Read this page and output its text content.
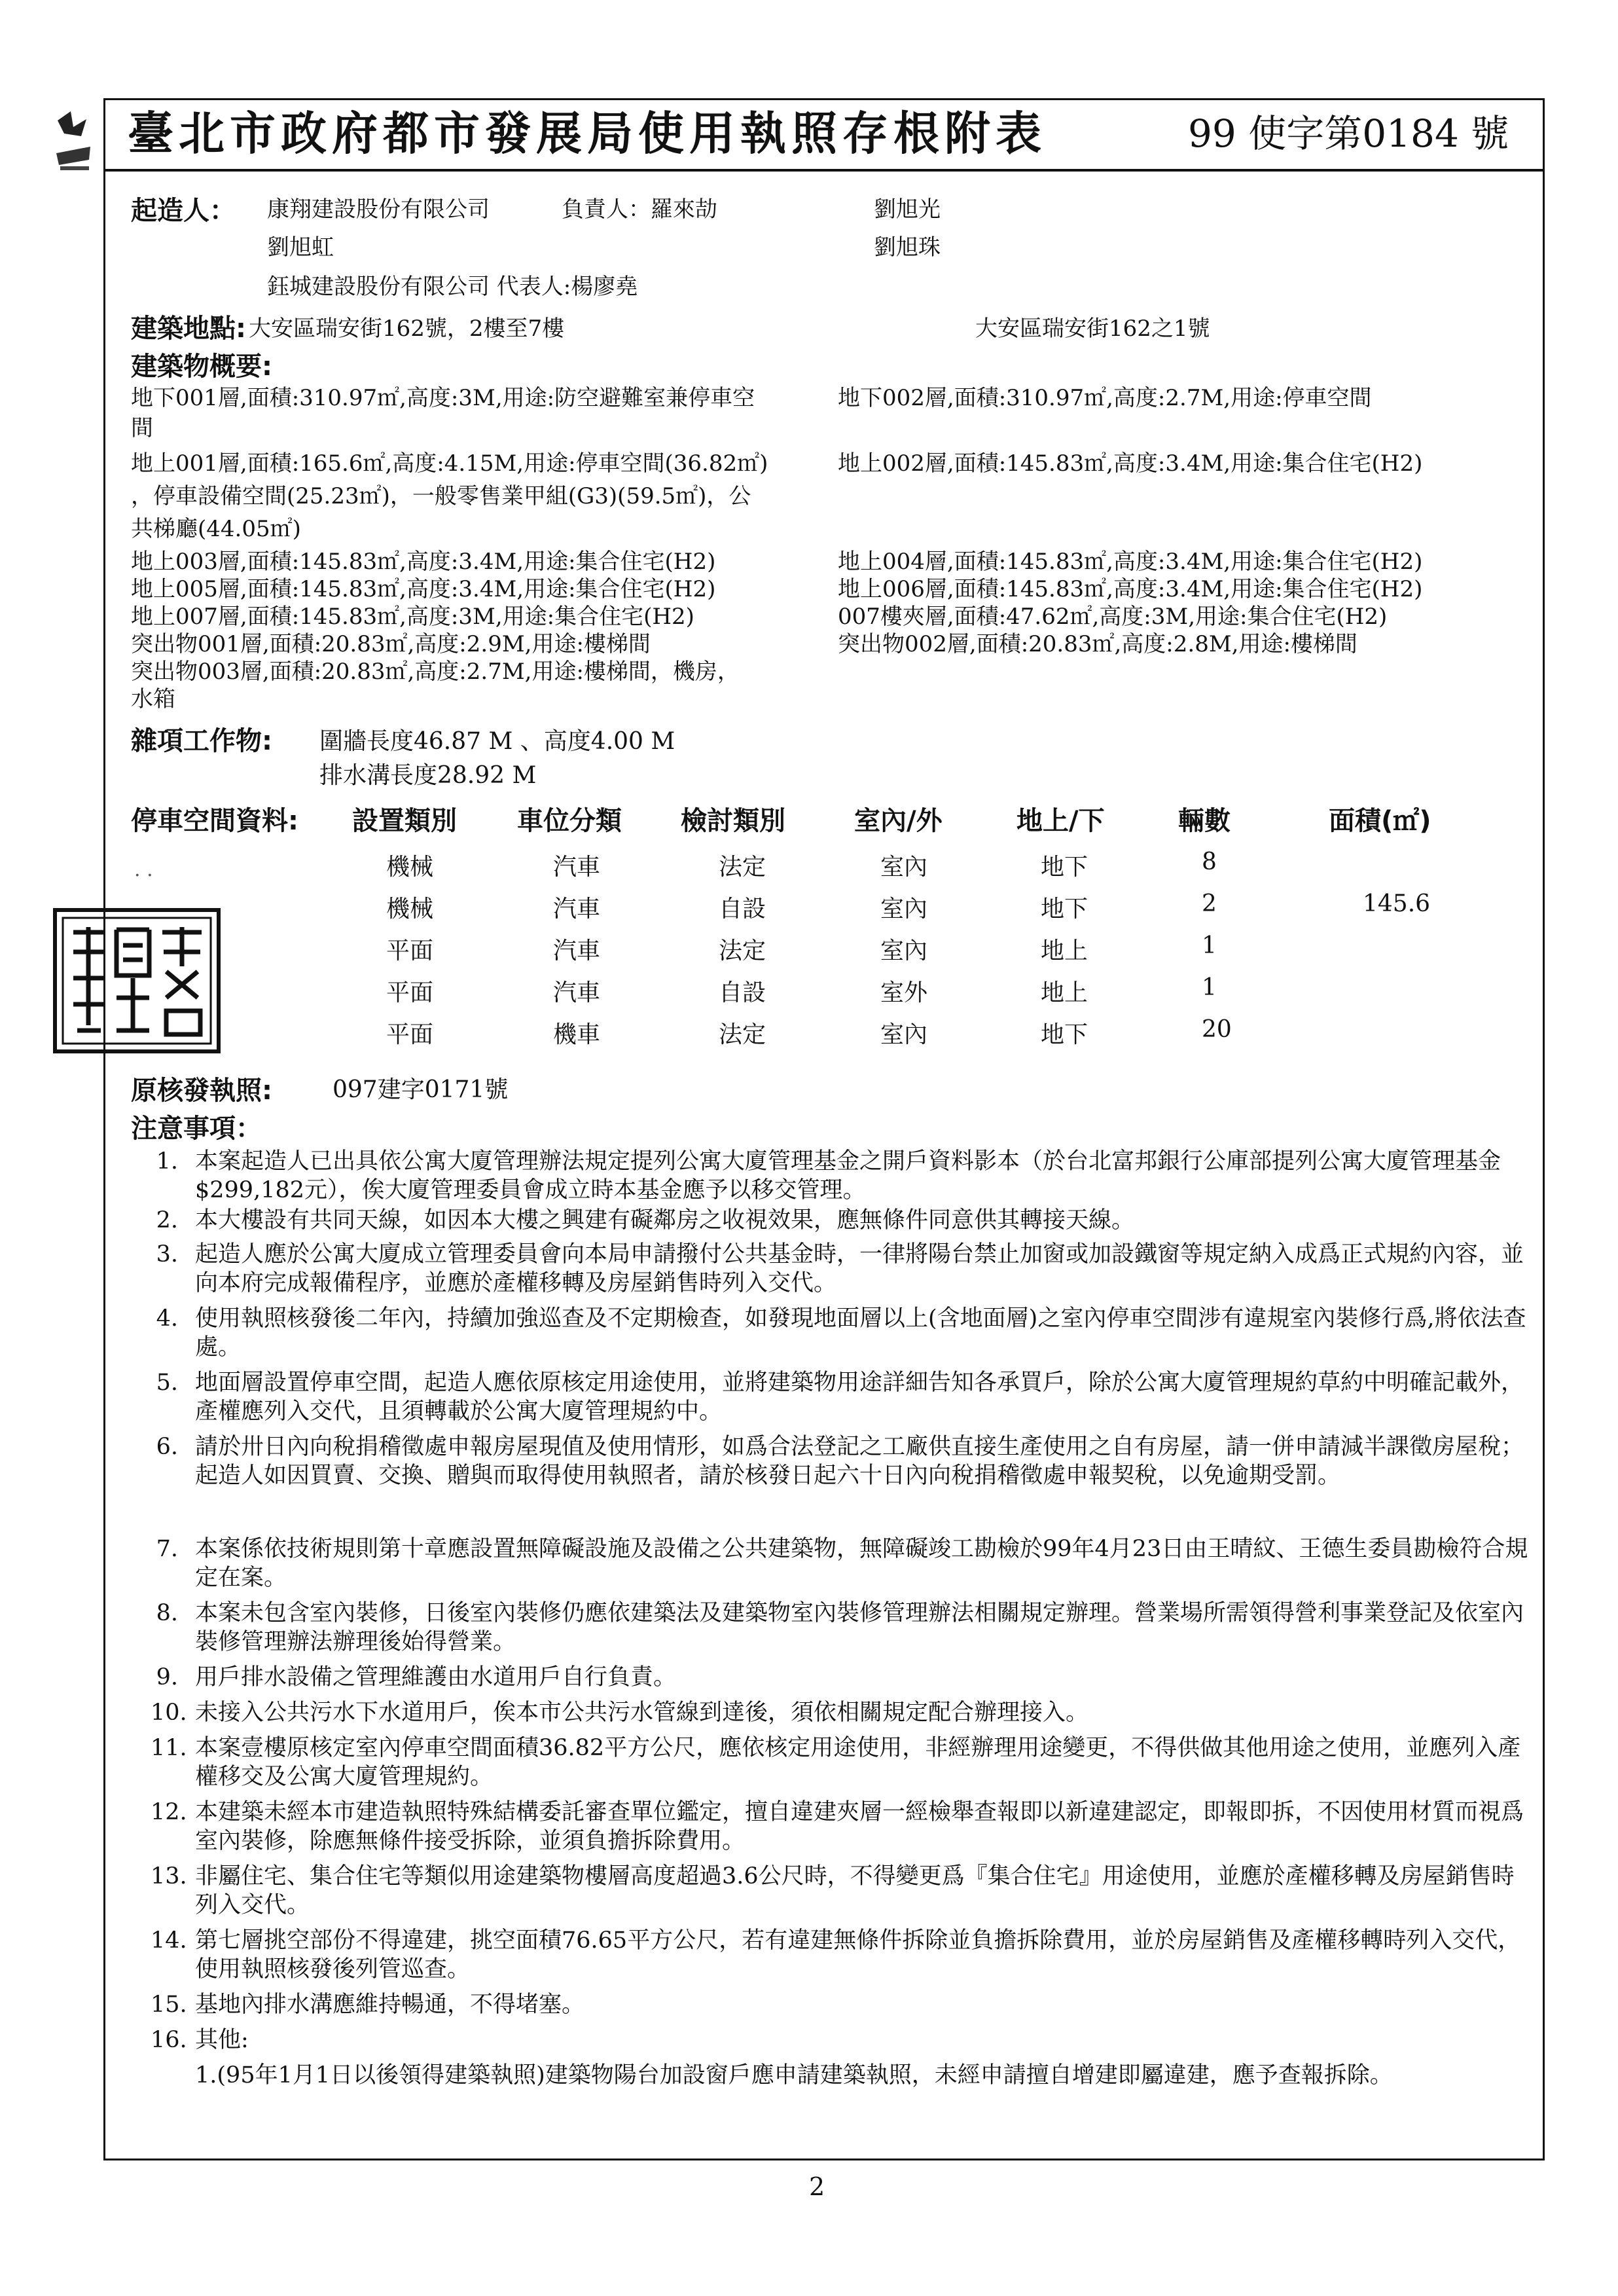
· ·
臺北市政府都市發展局使用執照存根附表	99 使字第0184 號
起造人： 康翔建設股份有限公司	負責人：羅來劼	劉旭光
劉旭虹	劉旭珠
鈺城建設股份有限公司 代表人:楊廖堯
建築地點: 大安區瑞安街162號，2樓至7樓	大安區瑞安街162之1號
建築物概要:
地下001層,面積:310.97㎡,高度:3M,用途:防空避難室兼停車空	地下002層,面積:310.97㎡,高度:2.7M,用途:停車空間
間
地上001層,面積:165.6㎡,高度:4.15M,用途:停車空間(36.82㎡)	地上002層,面積:145.83㎡,高度:3.4M,用途:集合住宅(H2)
，停車設備空間(25.23㎡)，一般零售業甲組(G3)(59.5㎡)，公
共梯廳(44.05㎡)
地上003層,面積:145.83㎡,高度:3.4M,用途:集合住宅(H2)	地上004層,面積:145.83㎡,高度:3.4M,用途:集合住宅(H2)
地上005層,面積:145.83㎡,高度:3.4M,用途:集合住宅(H2)	地上006層,面積:145.83㎡,高度:3.4M,用途:集合住宅(H2)
地上007層,面積:145.83㎡,高度:3M,用途:集合住宅(H2)	007樓夾層,面積:47.62㎡,高度:3M,用途:集合住宅(H2)
突出物001層,面積:20.83㎡,高度:2.9M,用途:樓梯間	突出物002層,面積:20.83㎡,高度:2.8M,用途:樓梯間
突出物003層,面積:20.83㎡,高度:2.7M,用途:樓梯間，機房，
水箱
雜項工作物: 圍牆長度46.87 M 、高度4.00 M
排水溝長度28.92 M
停車空間資料: 設置類別 車位分類 檢討類別	室內/外	地上/下	輛數	面積(㎡)
機械	汽車	法定	室內	地下	8
機械	汽車	自設	室內	地下	2	145.6
平面	汽車	法定	室內	地上	1
平面	汽車	自設	室外	地上	1
平面	機車	法定	室內	地下	20
原核發執照:	097建字0171號
注意事項：
1. 本案起造人已出具依公寓大廈管理辦法規定提列公寓大廈管理基金之開戶資料影本（於台北富邦銀行公庫部提列公寓大廈管理基金$299,182元），俟大廈管理委員會成立時本基金應予以移交管理。
2. 本大樓設有共同天線，如因本大樓之興建有礙鄰房之收視效果，應無條件同意供其轉接天線。
3. 起造人應於公寓大廈成立管理委員會向本局申請撥付公共基金時，一律將陽台禁止加窗或加設鐵窗等規定納入成爲正式規約內容，並向本府完成報備程序，並應於產權移轉及房屋銷售時列入交代。
4. 使用執照核發後二年內，持續加強巡查及不定期檢查，如發現地面層以上(含地面層)之室內停車空間涉有違規室內裝修行爲,將依法查處。
5. 地面層設置停車空間，起造人應依原核定用途使用，並將建築物用途詳細告知各承買戶，除於公寓大廈管理規約草約中明確記載外，產權應列入交代，且須轉載於公寓大廈管理規約中。
6. 請於卅日內向稅捐稽徵處申報房屋現值及使用情形，如爲合法登記之工廠供直接生產使用之自有房屋，請一併申請減半課徵房屋稅；起造人如因買賣、交換、贈與而取得使用執照者，請於核發日起六十日內向稅捐稽徵處申報契稅，以免逾期受罰。
7. 本案係依技術規則第十章應設置無障礙設施及設備之公共建築物，無障礙竣工勘檢於99年4月23日由王晴紋、王德生委員勘檢符合規定在案。
8. 本案未包含室內裝修，日後室內裝修仍應依建築法及建築物室內裝修管理辦法相關規定辦理。營業場所需領得營利事業登記及依室內裝修管理辦法辦理後始得營業。
9. 用戶排水設備之管理維護由水道用戶自行負責。
10. 未接入公共污水下水道用戶，俟本市公共污水管線到達後，須依相關規定配合辦理接入。
11. 本案壹樓原核定室內停車空間面積36.82平方公尺，應依核定用途使用，非經辦理用途變更，不得供做其他用途之使用，並應列入產權移交及公寓大廈管理規約。
12. 本建築未經本市建造執照特殊結構委託審查單位鑑定，擅自違建夾層一經檢舉查報即以新違建認定，即報即拆，不因使用材質而視爲室內裝修，除應無條件接受拆除，並須負擔拆除費用。
13. 非屬住宅、集合住宅等類似用途建築物樓層高度超過3.6公尺時，不得變更爲『集合住宅』用途使用，並應於產權移轉及房屋銷售時列入交代。
14. 第七層挑空部份不得違建，挑空面積76.65平方公尺，若有違建無條件拆除並負擔拆除費用，並於房屋銷售及產權移轉時列入交代，使用執照核發後列管巡查。
15. 基地內排水溝應維持暢通，不得堵塞。
16. 其他:
1.(95年1月1日以後領得建築執照)建築物陽台加設窗戶應申請建築執照，未經申請擅自增建即屬違建，應予查報拆除。
2
